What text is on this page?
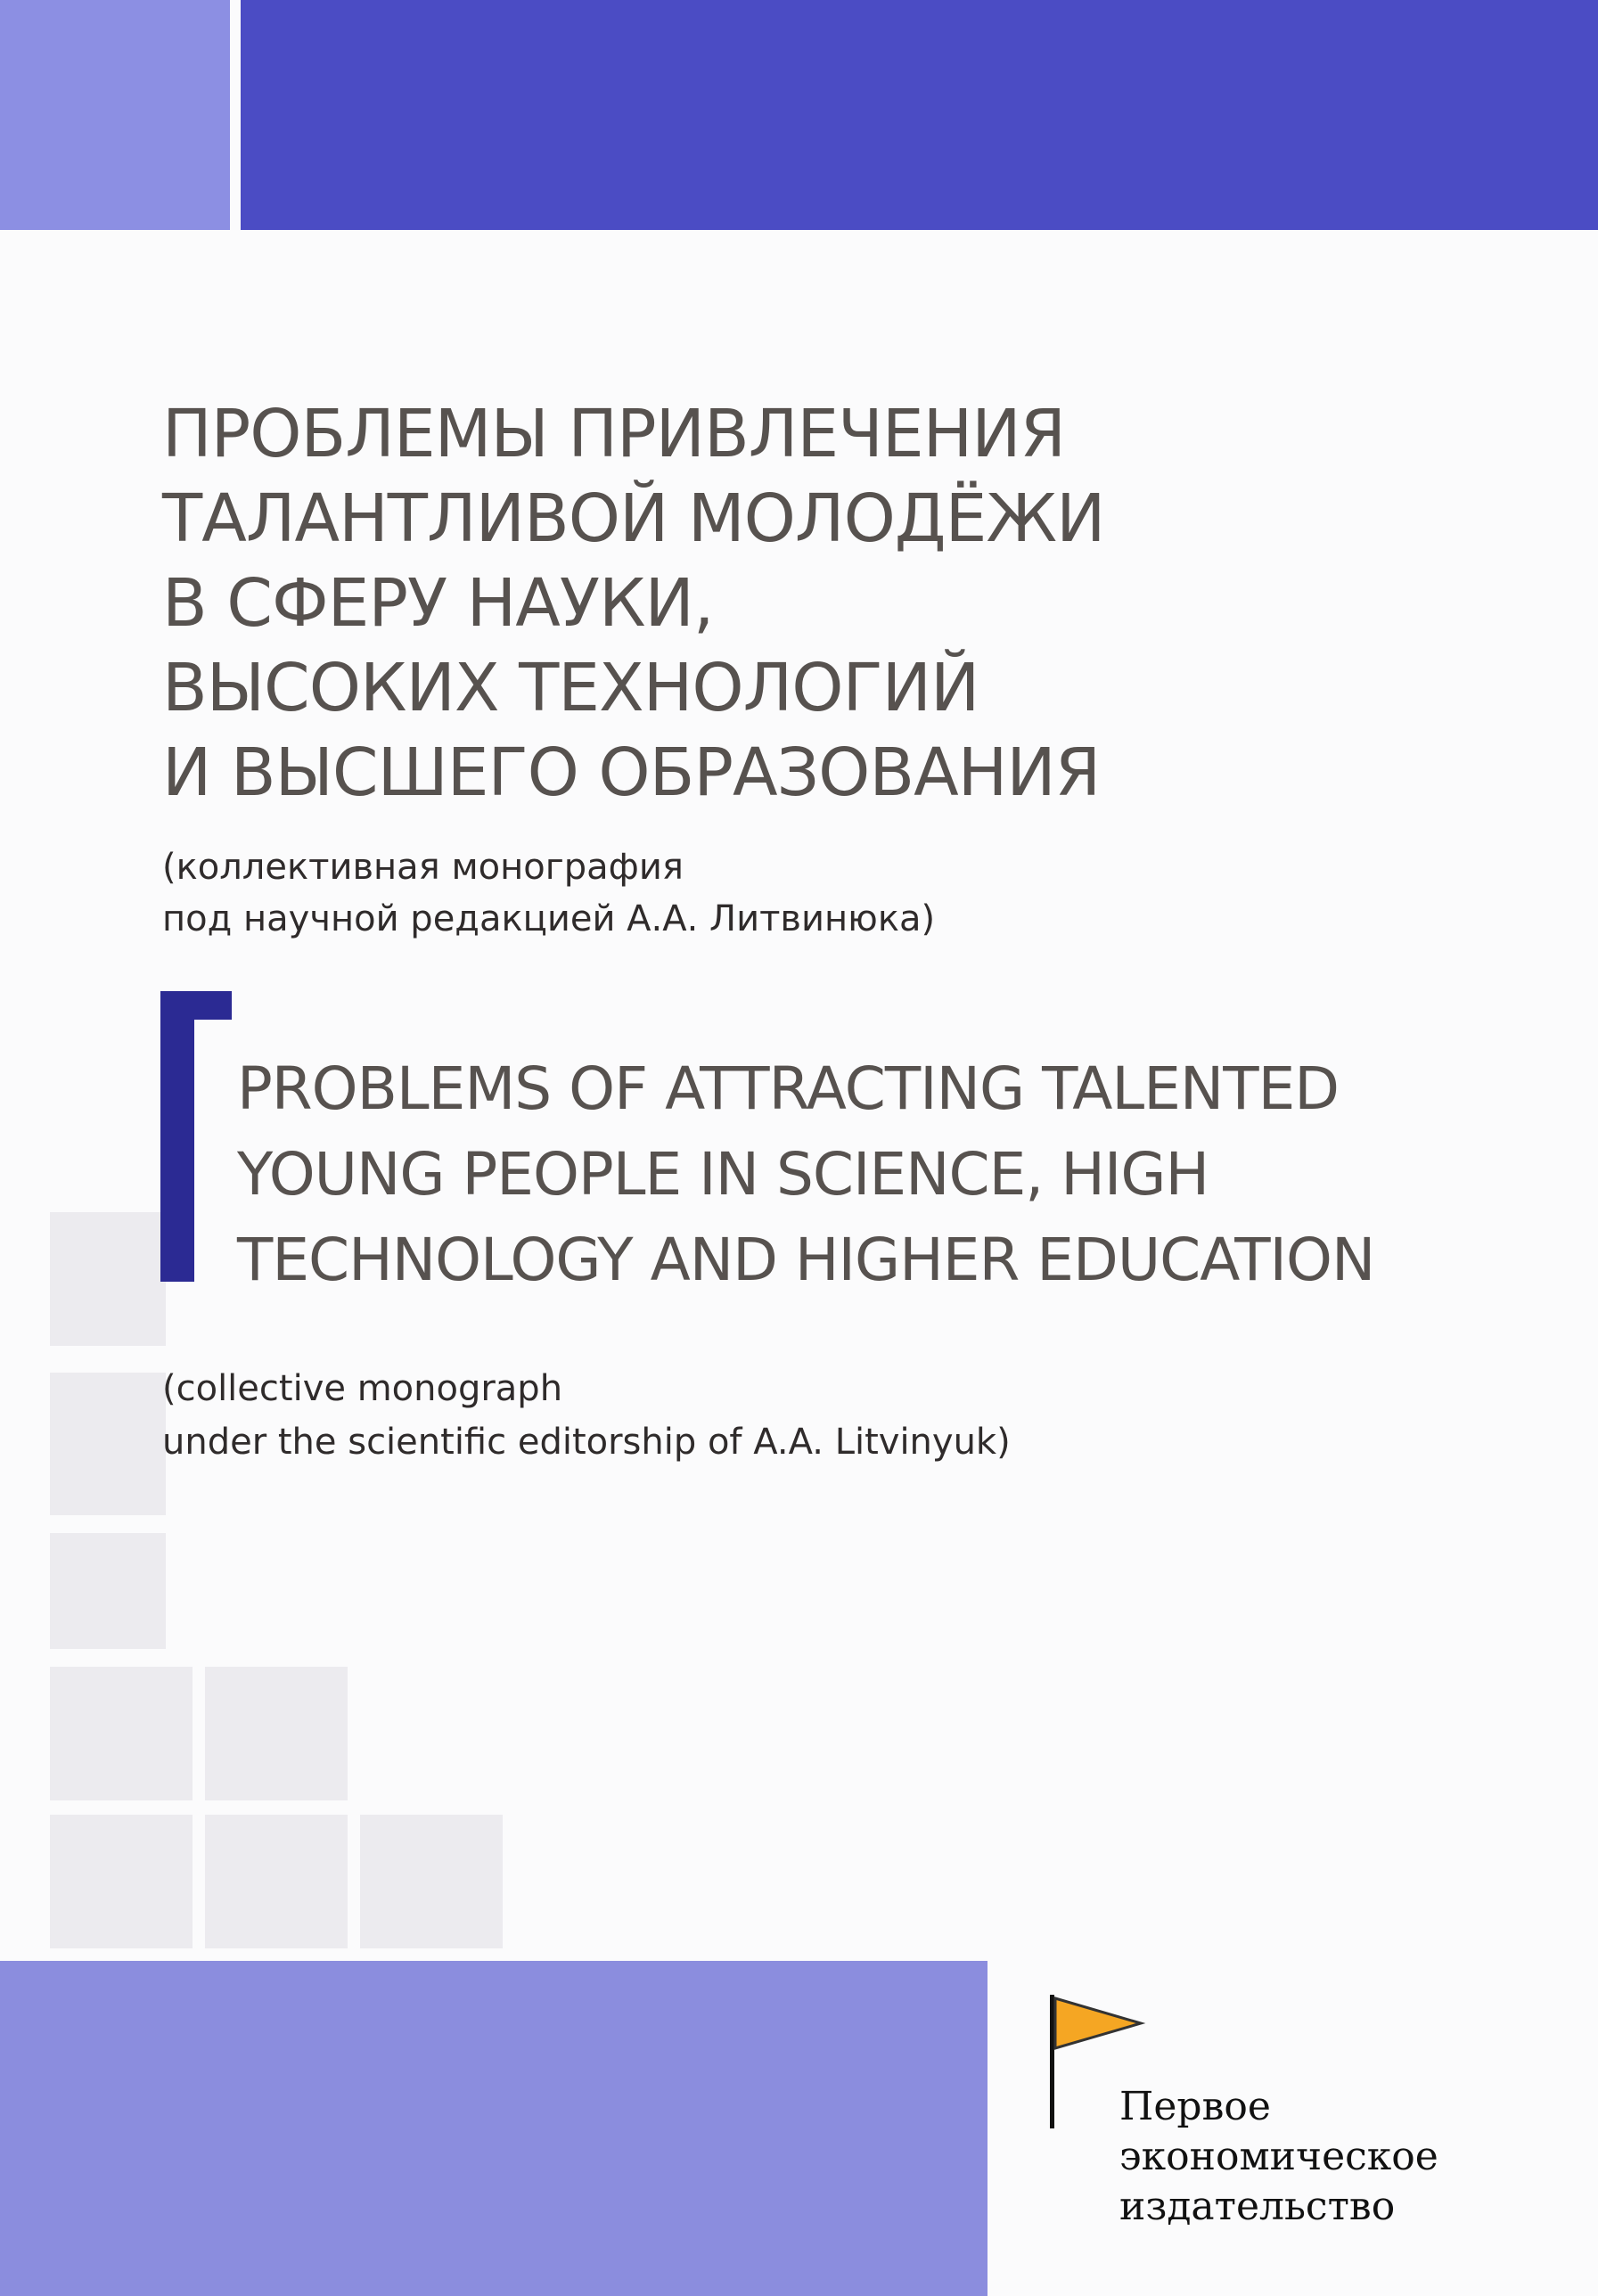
ПРОБЛЕМЫ ПРИВЛЕЧЕНИЯ
ТАЛАНТЛИВОЙ МОЛОДЁЖИ
В СФЕРУ НАУКИ,
ВЫСОКИХ ТЕХНОЛОГИЙ
И ВЫСШЕГО ОБРАЗОВАНИЯ
(коллективная монография
под научной редакцией А.А. Литвинюка)
PROBLEMS OF ATTRACTING TALENTED
YOUNG PEOPLE IN SCIENCE, HIGH
TECHNOLOGY AND HIGHER EDUCATION
(collective monograph
under the scientific editorship of A.A. Litvinyuk)
Первое
экономическое
издательство
